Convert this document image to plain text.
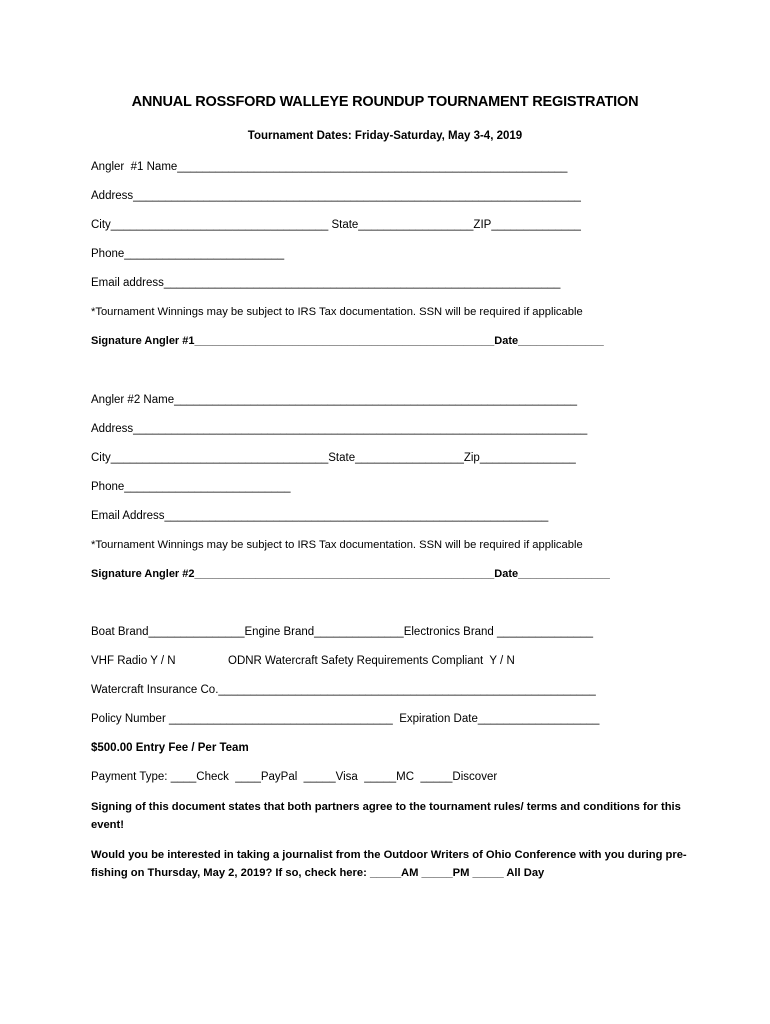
ANNUAL ROSSFORD WALLEYE ROUNDUP TOURNAMENT REGISTRATION
Tournament Dates: Friday-Saturday, May 3-4, 2019
Angler  #1 Name_____________________________________________________________
Address______________________________________________________________________
City__________________________________ State__________________ZIP______________
Phone_________________________
Email address______________________________________________________________
*Tournament Winnings may be subject to IRS Tax documentation. SSN will be required if applicable
Signature Angler #1_________________________________________________Date______________
Angler #2 Name_______________________________________________________________
Address_______________________________________________________________________
City__________________________________State_________________Zip_______________
Phone__________________________
Email Address____________________________________________________________
*Tournament Winnings may be subject to IRS Tax documentation. SSN will be required if applicable
Signature Angler #2_________________________________________________Date_______________
Boat Brand_______________Engine Brand______________Electronics Brand _______________
VHF Radio Y / N	ODNR Watercraft Safety Requirements Compliant  Y / N
Watercraft Insurance Co.___________________________________________________________
Policy Number ___________________________________  Expiration Date___________________
$500.00 Entry Fee / Per Team
Payment Type: ____Check  ____PayPal  _____Visa  _____MC  _____Discover
Signing of this document states that both partners agree to the tournament rules/ terms and conditions for this event!
Would you be interested in taking a journalist from the Outdoor Writers of Ohio Conference with you during pre-fishing on Thursday, May 2, 2019? If so, check here: _____AM _____PM _____ All Day
